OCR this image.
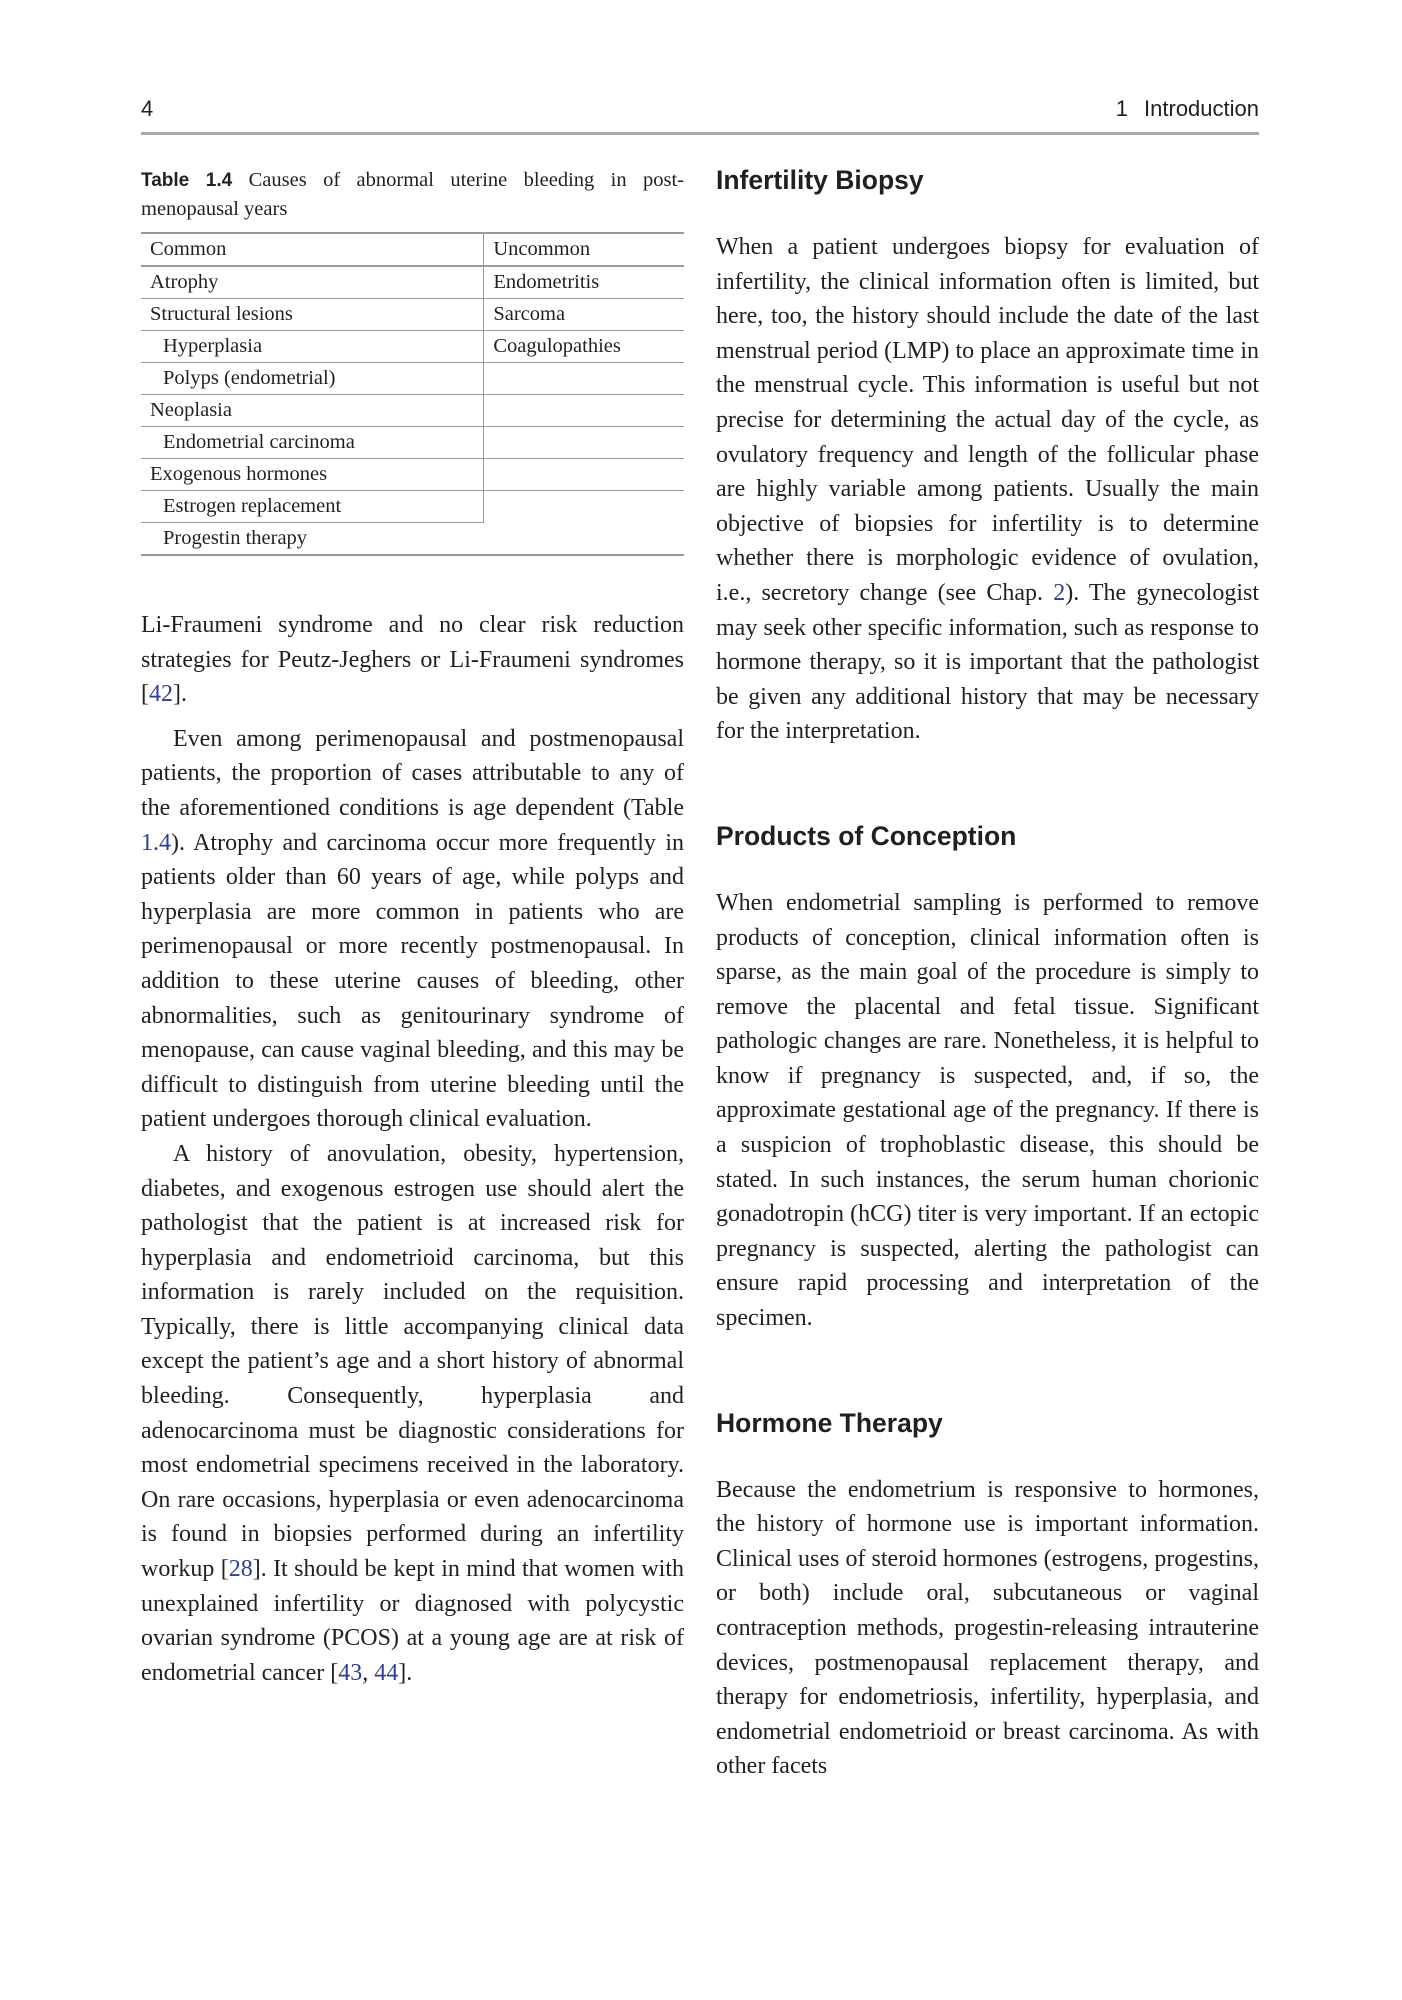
4	1 Introduction
Table 1.4 Causes of abnormal uterine bleeding in post-menopausal years
Common	Uncommon
Atrophy	Endometritis
Structural lesions	Sarcoma
Hyperplasia	Coagulopathies
Polyps (endometrial)	
Neoplasia	
Endometrial carcinoma	
Exogenous hormones	
Estrogen replacement	
Progestin therapy	

Li-Fraumeni syndrome and no clear risk reduction strategies for Peutz-Jeghers or Li-Fraumeni syndromes [42].

Even among perimenopausal and postmenopausal patients, the proportion of cases attributable to any of the aforementioned conditions is age dependent (Table 1.4). Atrophy and carcinoma occur more frequently in patients older than 60 years of age, while polyps and hyperplasia are more common in patients who are perimenopausal or more recently postmenopausal. In addition to these uterine causes of bleeding, other abnormalities, such as genitourinary syndrome of menopause, can cause vaginal bleeding, and this may be difficult to distinguish from uterine bleeding until the patient undergoes thorough clinical evaluation.

A history of anovulation, obesity, hypertension, diabetes, and exogenous estrogen use should alert the pathologist that the patient is at increased risk for hyperplasia and endometrioid carcinoma, but this information is rarely included on the requisition. Typically, there is little accompanying clinical data except the patient’s age and a short history of abnormal bleeding. Consequently, hyperplasia and adenocarcinoma must be diagnostic considerations for most endometrial specimens received in the laboratory. On rare occasions, hyperplasia or even adenocarcinoma is found in biopsies performed during an infertility workup [28]. It should be kept in mind that women with unexplained infertility or diagnosed with polycystic ovarian syndrome (PCOS) at a young age are at risk of endometrial cancer [43, 44].

Infertility Biopsy

When a patient undergoes biopsy for evaluation of infertility, the clinical information often is limited, but here, too, the history should include the date of the last menstrual period (LMP) to place an approximate time in the menstrual cycle. This information is useful but not precise for determining the actual day of the cycle, as ovulatory frequency and length of the follicular phase are highly variable among patients. Usually the main objective of biopsies for infertility is to determine whether there is morphologic evidence of ovulation, i.e., secretory change (see Chap. 2). The gynecologist may seek other specific information, such as response to hormone therapy, so it is important that the pathologist be given any additional history that may be necessary for the interpretation.

Products of Conception

When endometrial sampling is performed to remove products of conception, clinical information often is sparse, as the main goal of the procedure is simply to remove the placental and fetal tissue. Significant pathologic changes are rare. Nonetheless, it is helpful to know if pregnancy is suspected, and, if so, the approximate gestational age of the pregnancy. If there is a suspicion of trophoblastic disease, this should be stated. In such instances, the serum human chorionic gonadotropin (hCG) titer is very important. If an ectopic pregnancy is suspected, alerting the pathologist can ensure rapid processing and interpretation of the specimen.

Hormone Therapy

Because the endometrium is responsive to hormones, the history of hormone use is important information. Clinical uses of steroid hormones (estrogens, progestins, or both) include oral, subcutaneous or vaginal contraception methods, progestin-releasing intrauterine devices, postmenopausal replacement therapy, and therapy for endometriosis, infertility, hyperplasia, and endometrial endometrioid or breast carcinoma. As with other facets
